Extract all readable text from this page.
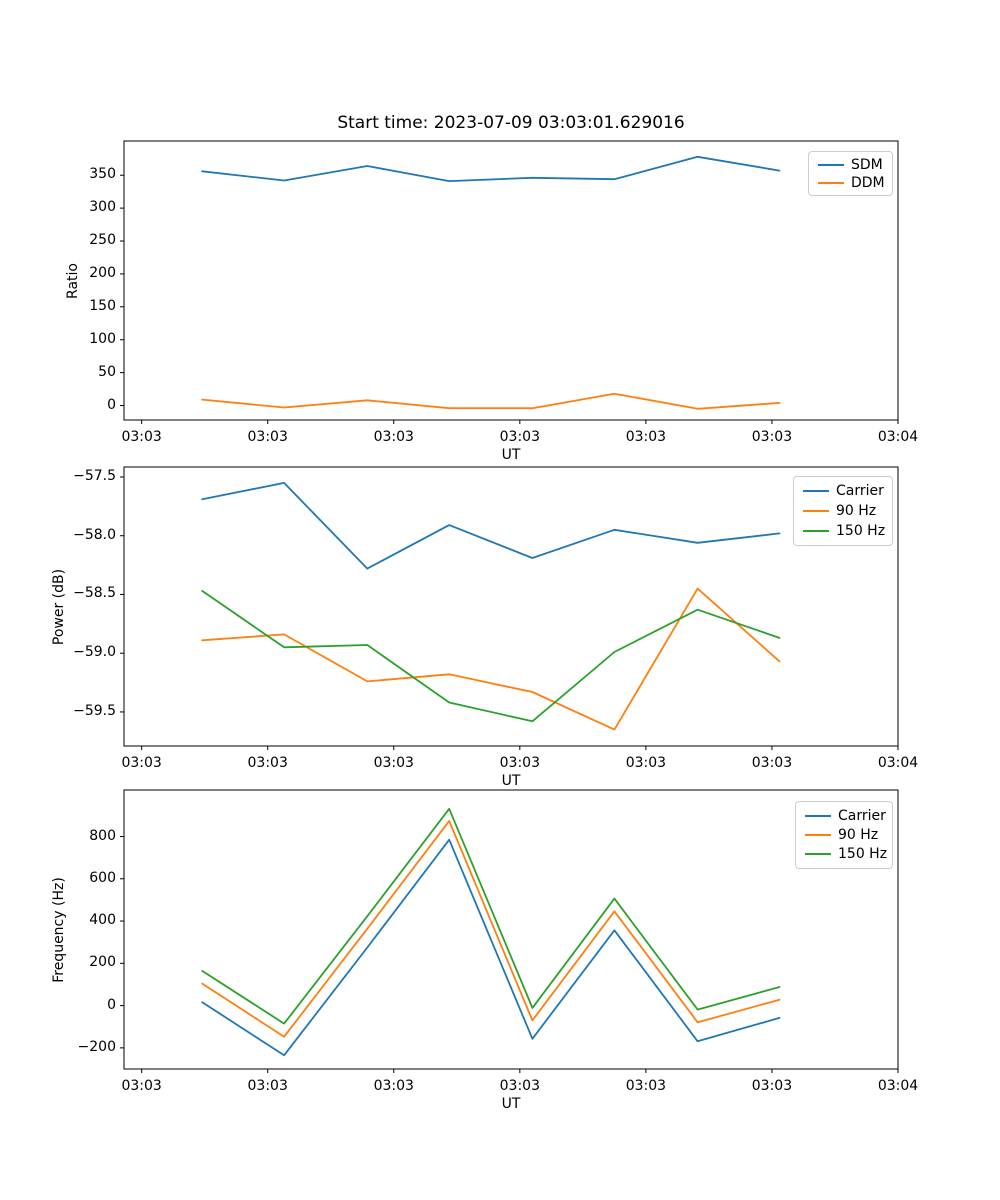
Start time: 2023-07-09 03:03:01.629016
Ratio
Power (dB)
Frequency (Hz)
UT
UT
UT
SDM
DDM
Carrier
90 Hz
150 Hz
Carrier
90 Hz
150 Hz
03:03	03:03	03:03	03:03	03:03	03:03	03:04
0
50
100
150
200
250
300
350
03:03	03:03	03:03	03:03	03:03	03:03	03:04
−57.5
−58.0
−58.5
−59.0
−59.5
03:03	03:03	03:03	03:03	03:03	03:03	03:04
−200
0
200
400
600
800
